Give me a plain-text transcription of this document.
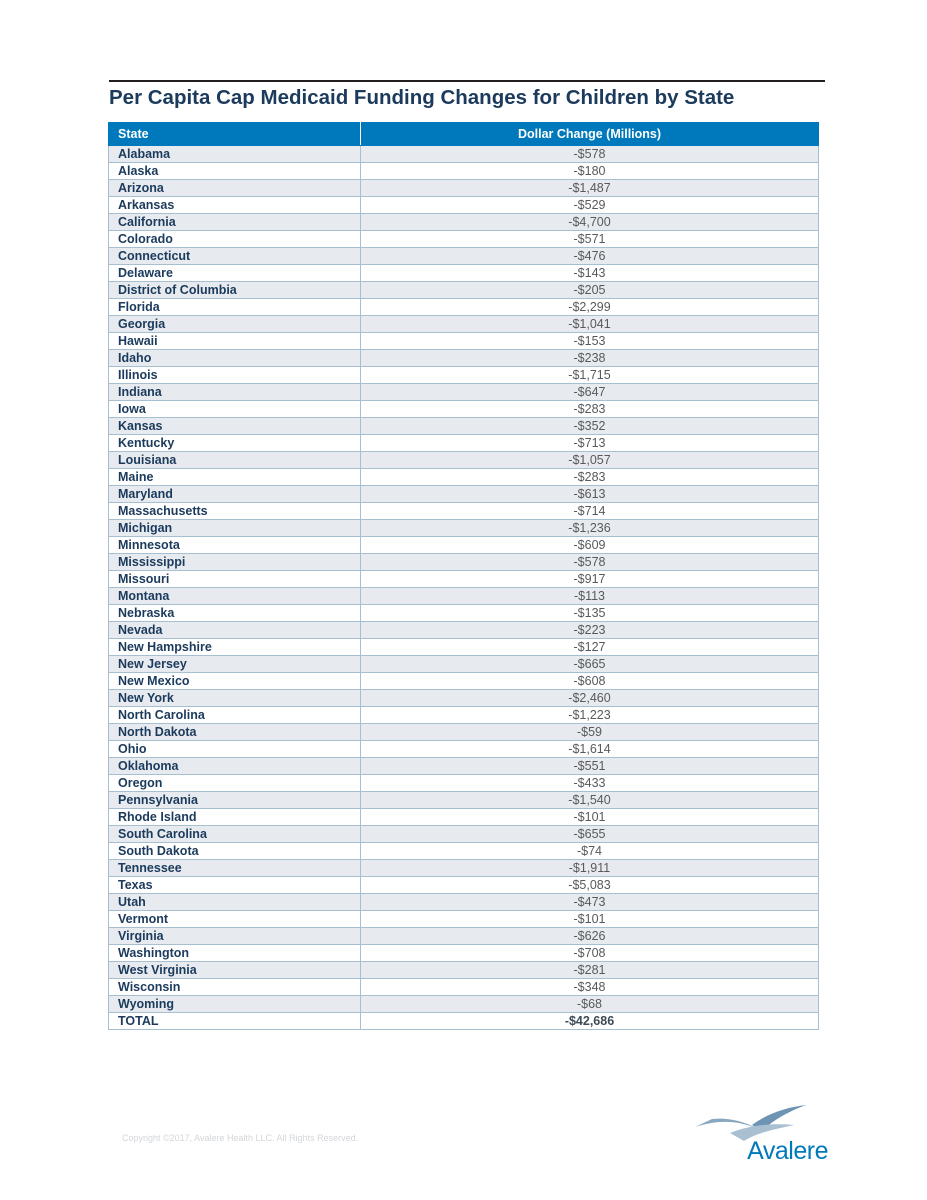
Per Capita Cap Medicaid Funding Changes for Children by State
State	Dollar Change (Millions)
Alabama	-$578
Alaska	-$180
Arizona	-$1,487
Arkansas	-$529
California	-$4,700
Colorado	-$571
Connecticut	-$476
Delaware	-$143
District of Columbia	-$205
Florida	-$2,299
Georgia	-$1,041
Hawaii	-$153
Idaho	-$238
Illinois	-$1,715
Indiana	-$647
Iowa	-$283
Kansas	-$352
Kentucky	-$713
Louisiana	-$1,057
Maine	-$283
Maryland	-$613
Massachusetts	-$714
Michigan	-$1,236
Minnesota	-$609
Mississippi	-$578
Missouri	-$917
Montana	-$113
Nebraska	-$135
Nevada	-$223
New Hampshire	-$127
New Jersey	-$665
New Mexico	-$608
New York	-$2,460
North Carolina	-$1,223
North Dakota	-$59
Ohio	-$1,614
Oklahoma	-$551
Oregon	-$433
Pennsylvania	-$1,540
Rhode Island	-$101
South Carolina	-$655
South Dakota	-$74
Tennessee	-$1,911
Texas	-$5,083
Utah	-$473
Vermont	-$101
Virginia	-$626
Washington	-$708
West Virginia	-$281
Wisconsin	-$348
Wyoming	-$68
TOTAL	-$42,686
Copyright ©2017, Avalere Health LLC. All Rights Reserved.	Avalere
